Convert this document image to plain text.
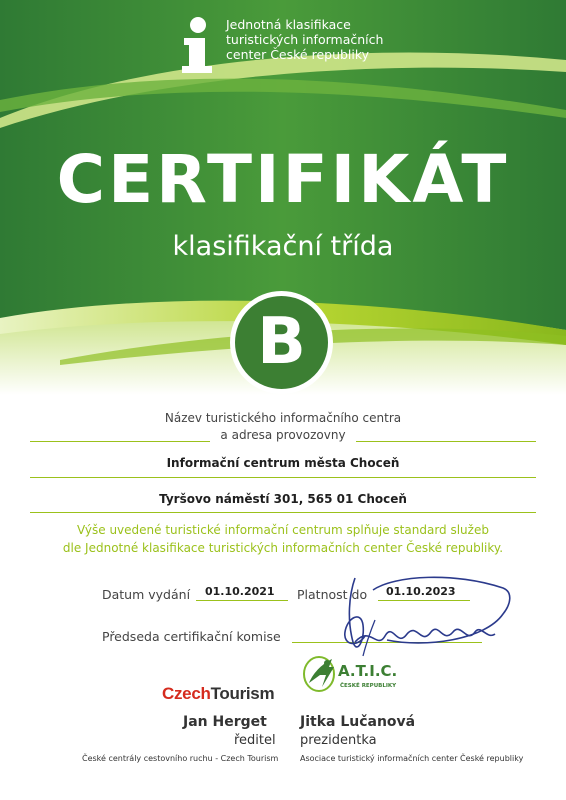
Jednotná klasifikace
turistických informačních
center České republiky
CERTIFIKÁT
klasifikační třída
B
Název turistického informačního centra
a adresa provozovny
Informační centrum města Choceň
Tyršovo náměstí 301, 565 01 Choceň
Výše uvedené turistické informační centrum splňuje standard služeb
dle Jednotné klasifikace turistických informačních center České republiky.
Datum vydání 01.10.2021 Platnost do 01.10.2023
Předseda certifikační komise
CzechTourism
A.T.I.C.
ČESKÉ REPUBLIKY
Jan Herget
ředitel
České centrály cestovního ruchu - Czech Tourism
Jitka Lučanová
prezidentka
Asociace turistický informačních center České republiky
